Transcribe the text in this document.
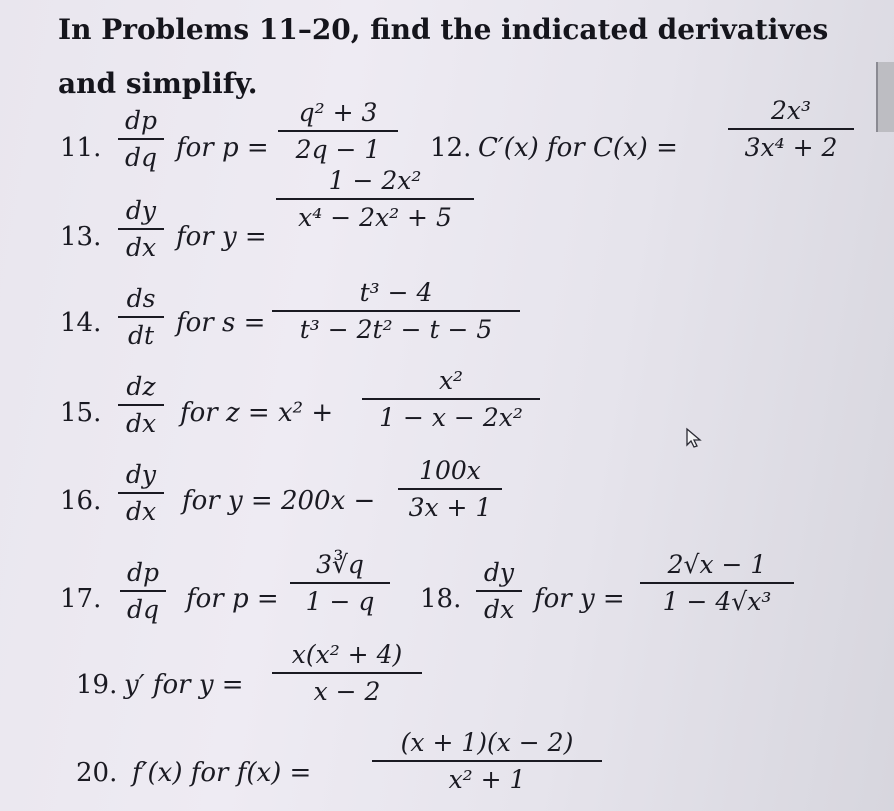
In Problems 11–20, find the indicated derivatives and simplify.
11.
dp
dq for p =
q² + 3
2q − 1	12. C′(x) for C(x) =
2x³
3x⁴ + 2
13.
dy
dx for y =
1 − 2x²
x⁴ − 2x² + 5
14.
ds
dt for s =
t³ − 4
t³ − 2t² − t − 5
15.
dz
dx for z = x² +
x²
1 − x − 2x²
16.
dy
dx for y = 200x −
100x
3x + 1
17.
dp
dq for p =
3∛q
1 − q	18.
dy
dx for y =
2√x − 1
1 − 4√x³
19. y′ for y =
x(x² + 4)
x − 2
20. f′(x) for f(x) =
(x + 1)(x − 2)
x² + 1
